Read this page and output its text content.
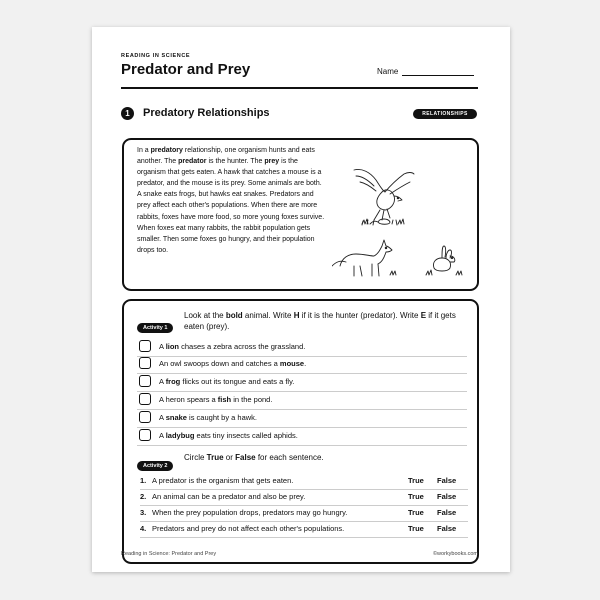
READING IN SCIENCE
Predator and Prey	Name
1	Predatory Relationships	RELATIONSHIPS
In a predatory relationship, one organism hunts and eats another. The predator is the hunter. The prey is the organism that gets eaten. A hawk that catches a mouse is a predator, and the mouse is its prey. Some animals are both. A snake eats frogs, but hawks eat snakes. Predators and prey affect each other's populations. When there are more rabbits, foxes have more food, so more young foxes survive. When foxes eat many rabbits, the rabbit population gets smaller. Then some foxes go hungry, and their population drops too.
Activity 1
Look at the bold animal. Write H if it is the hunter (predator). Write E if it gets eaten (prey).
A lion chases a zebra across the grassland.
An owl swoops down and catches a mouse.
A frog flicks out its tongue and eats a fly.
A heron spears a fish in the pond.
A snake is caught by a hawk.
A ladybug eats tiny insects called aphids.
Activity 2
Circle True or False for each sentence.
1. A predator is the organism that gets eaten.	True False
2. An animal can be a predator and also be prey.	True False
3. When the prey population drops, predators may go hungry.	True False
4. Predators and prey do not affect each other's populations.	True False
Reading in Science: Predator and Prey	©workybooks.com
